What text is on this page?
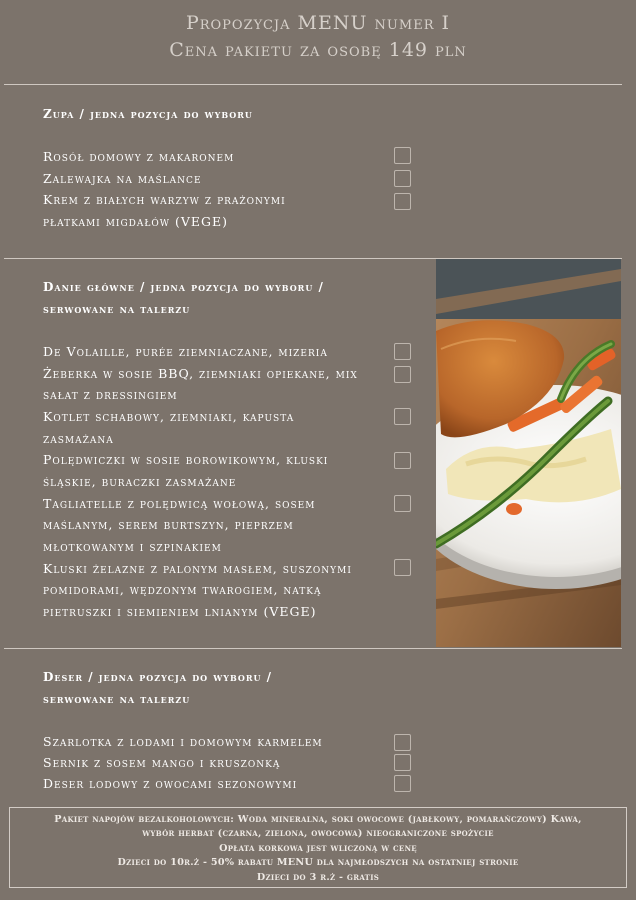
Propozycja MENU numer I
Cena pakietu za osobę 149 pln
Zupa / jedna pozycja do wyboru
Rosół domowy z makaronem
Zalewajka na maślance
Krem z białych warzyw z prażonymi
płatkami migdałów (VEGE)
Danie główne / jedna pozycja do wyboru /
serwowane na talerzu
De Volaille, purée ziemniaczane, mizeria
Żeberka w sosie BBQ, ziemniaki opiekane, mix
sałat z dressingiem
Kotlet schabowy, ziemniaki, kapusta
zasmażana
Polędwiczki w sosie borowikowym, kluski
śląskie, buraczki zasmażane
Tagliatelle z polędwicą wołową, sosem
maślanym, serem burtszyn, pieprzem
młotkowanym i szpinakiem
Kluski żelazne z palonym masłem, suszonymi
pomidorami, wędzonym twarogiem, natką
pietruszki i siemieniem lnianym (VEGE)
Deser / jedna pozycja do wyboru /
serwowane na talerzu
Szarlotka z lodami i domowym karmelem
Sernik z sosem mango i kruszonką
Deser lodowy z owocami sezonowymi
Pakiet napojów bezalkoholowych: Woda mineralna, soki owocowe (jabłkowy, pomarańczowy) Kawa,
wybór herbat (czarna, zielona, owocowa) nieograniczone spożycie
Opłata korkowa jest wliczoną w cenę
Dzieci do 10r.ż - 50% rabatu MENU dla najmłodszych na ostatniej stronie
Dzieci do 3 r.ż - gratis
